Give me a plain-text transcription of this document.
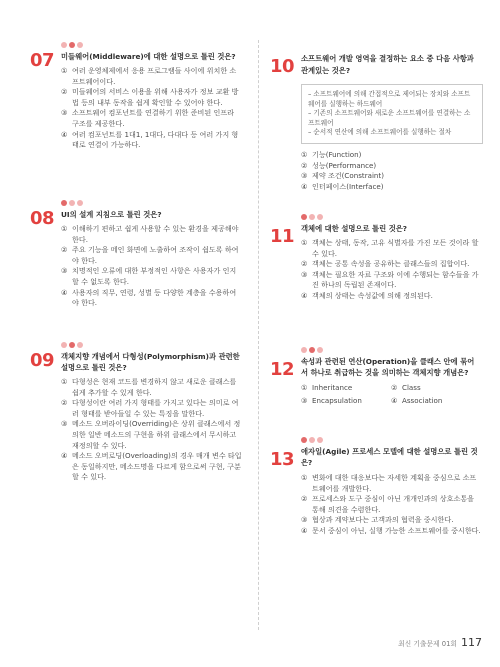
07 미들웨어(Middleware)에 대한 설명으로 틀린 것은?
① 여러 운영체제에서 응용 프로그램들 사이에 위치한 소프트웨어이다.
② 미들웨어의 서비스 이용을 위해 사용자가 정보 교환 방법 등의 내부 동작을 쉽게 확인할 수 있어야 한다.
③ 소프트웨어 컴포넌트를 연결하기 위한 준비된 인프라 구조를 제공한다.
④ 여러 컴포넌트를 1대1, 1대다, 다대다 등 여러 가지 형태로 연결이 가능하다.
08 UI의 설계 지침으로 틀린 것은?
① 이해하기 편하고 쉽게 사용할 수 있는 환경을 제공해야 한다.
② 주요 기능을 메인 화면에 노출하여 조작이 쉽도록 하여야 한다.
③ 치명적인 오류에 대한 부정적인 사항은 사용자가 인지할 수 없도록 한다.
④ 사용자의 직무, 연령, 성별 등 다양한 계층을 수용하여야 한다.
09 객체지향 개념에서 다형성(Polymorphism)과 관련한
설명으로 틀린 것은?
① 다형성은 현재 코드를 변경하지 않고 새로운 클래스를 쉽게 추가할 수 있게 한다.
② 다형성이란 여러 가지 형태를 가지고 있다는 의미로 여러 형태를 받아들일 수 있는 특징을 말한다.
③ 메소드 오버라이딩(Overriding)은 상위 클래스에서 정의한 일반 메소드의 구현을 하위 클래스에서 무시하고 재정의할 수 있다.
④ 메소드 오버로딩(Overloading)의 경우 매개 변수 타입은 동일하지만, 메소드명을 다르게 함으로써 구현, 구분할 수 있다.
10 소프트웨어 개발 영역을 결정하는 요소 중 다음 사항과
관계있는 것은?
– 소프트웨어에 의해 간접적으로 제어되는 장치와 소프트웨어를 실행하는 하드웨어
– 기존의 소프트웨어와 새로운 소프트웨어를 연결하는 소프트웨어
– 순서적 연산에 의해 소프트웨어를 실행하는 절차
① 기능(Function)
② 성능(Performance)
③ 제약 조건(Constraint)
④ 인터페이스(Interface)
11 객체에 대한 설명으로 틀린 것은?
① 객체는 상태, 동작, 고유 식별자를 가진 모든 것이라 할 수 있다.
② 객체는 공통 속성을 공유하는 클래스들의 집합이다.
③ 객체는 필요한 자료 구조와 이에 수행되는 함수들을 가진 하나의 독립된 존재이다.
④ 객체의 상태는 속성값에 의해 정의된다.
12 속성과 관련된 연산(Operation)을 클래스 안에 묶어
서 하나로 취급하는 것을 의미하는 객체지향 개념은?
① Inheritance	② Class
③ Encapsulation	④ Association
13 애자일(Agile) 프로세스 모델에 대한 설명으로 틀린 것
은?
① 변화에 대한 대응보다는 자세한 계획을 중심으로 소프트웨어를 개발한다.
② 프로세스와 도구 중심이 아닌 개개인과의 상호소통을 통해 의견을 수렴한다.
③ 협상과 계약보다는 고객과의 협력을 중시한다.
④ 문서 중심이 아닌, 실행 가능한 소프트웨어를 중시한다.
최신 기출문제 01회 117
